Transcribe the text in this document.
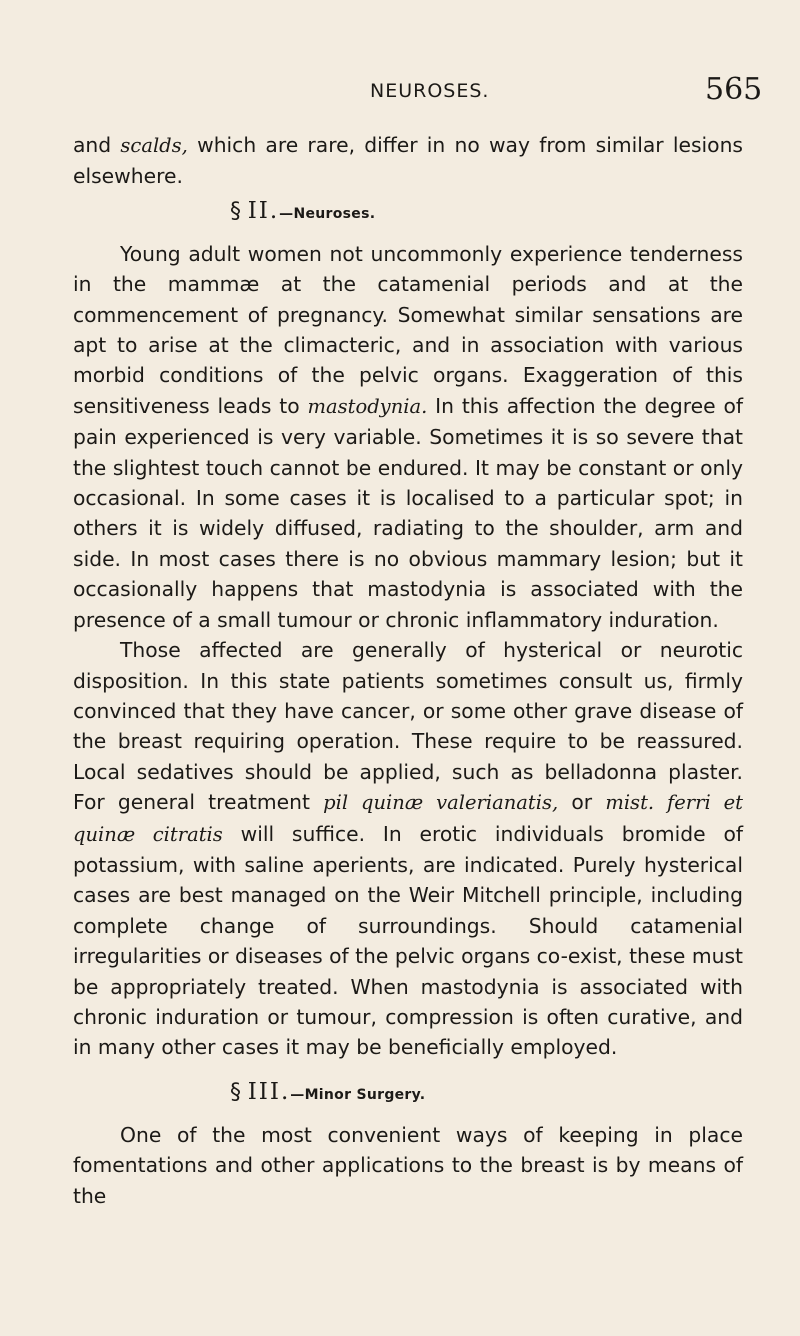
NEUROSES.	565

and scalds, which are rare, differ in no way from similar lesions elsewhere.

§ II.—Neuroses.

Young adult women not uncommonly experience tenderness in the mammæ at the catamenial periods and at the commencement of pregnancy. Somewhat similar sensations are apt to arise at the climacteric, and in association with various morbid conditions of the pelvic organs. Exaggeration of this sensitiveness leads to mastodynia. In this affection the degree of pain experienced is very variable. Sometimes it is so severe that the slightest touch cannot be endured. It may be constant or only occasional. In some cases it is localised to a particular spot; in others it is widely diffused, radiating to the shoulder, arm and side. In most cases there is no obvious mammary lesion; but it occasionally happens that mastodynia is associated with the presence of a small tumour or chronic inflammatory induration.

Those affected are generally of hysterical or neurotic disposition. In this state patients sometimes consult us, firmly convinced that they have cancer, or some other grave disease of the breast requiring operation. These require to be reassured. Local sedatives should be applied, such as belladonna plaster. For general treatment pil quinæ valerianatis, or mist. ferri et quinæ citratis will suffice. In erotic individuals bromide of potassium, with saline aperients, are indicated. Purely hysterical cases are best managed on the Weir Mitchell principle, including complete change of surroundings. Should catamenial irregularities or diseases of the pelvic organs co-exist, these must be appropriately treated. When mastodynia is associated with chronic induration or tumour, compression is often curative, and in many other cases it may be beneficially employed.

§ III.—Minor Surgery.

One of the most convenient ways of keeping in place fomentations and other applications to the breast is by means of the
